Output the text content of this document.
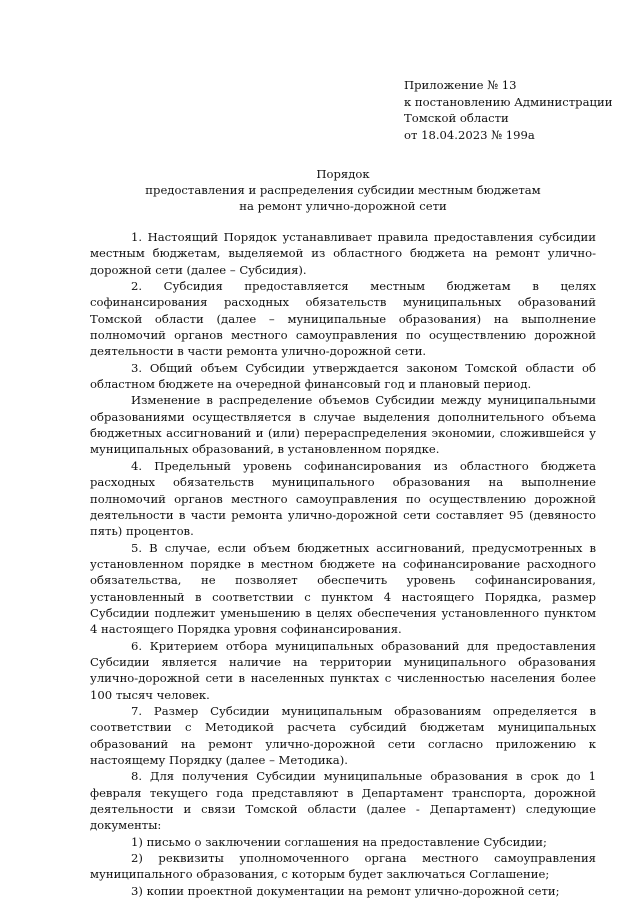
Приложение № 13
к постановлению Администрации
Томской области
от 18.04.2023 № 199а
Порядок
предоставления и распределения субсидии местным бюджетам
на ремонт улично-дорожной сети

1. Настоящий Порядок устанавливает правила предоставления субсидии местным бюджетам, выделяемой из областного бюджета на ремонт улично-дорожной сети (далее – Субсидия).

2. Субсидия предоставляется местным бюджетам в целях софинансирования расходных обязательств муниципальных образований Томской области (далее – муниципальные образования) на выполнение полномочий органов местного самоуправления по осуществлению дорожной деятельности в части ремонта улично-дорожной сети.

3. Общий объем Субсидии утверждается законом Томской области об областном бюджете на очередной финансовый год и плановый период.

Изменение в распределение объемов Субсидии между муниципальными образованиями осуществляется в случае выделения дополнительного объема бюджетных ассигнований и (или) перераспределения экономии, сложившейся у муниципальных образований, в установленном порядке.

4. Предельный уровень софинансирования из областного бюджета расходных обязательств муниципального образования на выполнение полномочий органов местного самоуправления по осуществлению дорожной деятельности в части ремонта улично-дорожной сети составляет 95 (девяносто пять) процентов.

5. В случае, если объем бюджетных ассигнований, предусмотренных в установленном порядке в местном бюджете на софинансирование расходного обязательства, не позволяет обеспечить уровень софинансирования, установленный в соответствии с пунктом 4 настоящего Порядка, размер Субсидии подлежит уменьшению в целях обеспечения установленного пунктом 4 настоящего Порядка уровня софинансирования.

6. Критерием отбора муниципальных образований для предоставления Субсидии является наличие на территории муниципального образования улично-дорожной сети в населенных пунктах с численностью населения более 100 тысяч человек.

7. Размер Субсидии муниципальным образованиям определяется в соответствии с Методикой расчета субсидий бюджетам муниципальных образований на ремонт улично-дорожной сети согласно приложению к настоящему Порядку (далее – Методика).

8. Для получения Субсидии муниципальные образования в срок до 1 февраля текущего года представляют в Департамент транспорта, дорожной деятельности и связи Томской области (далее - Департамент) следующие документы:

1) письмо о заключении соглашения на предоставление Субсидии;

2) реквизиты уполномоченного органа местного самоуправления муниципального образования, с которым будет заключаться Соглашение;

3) копии проектной документации на ремонт улично-дорожной сети;
